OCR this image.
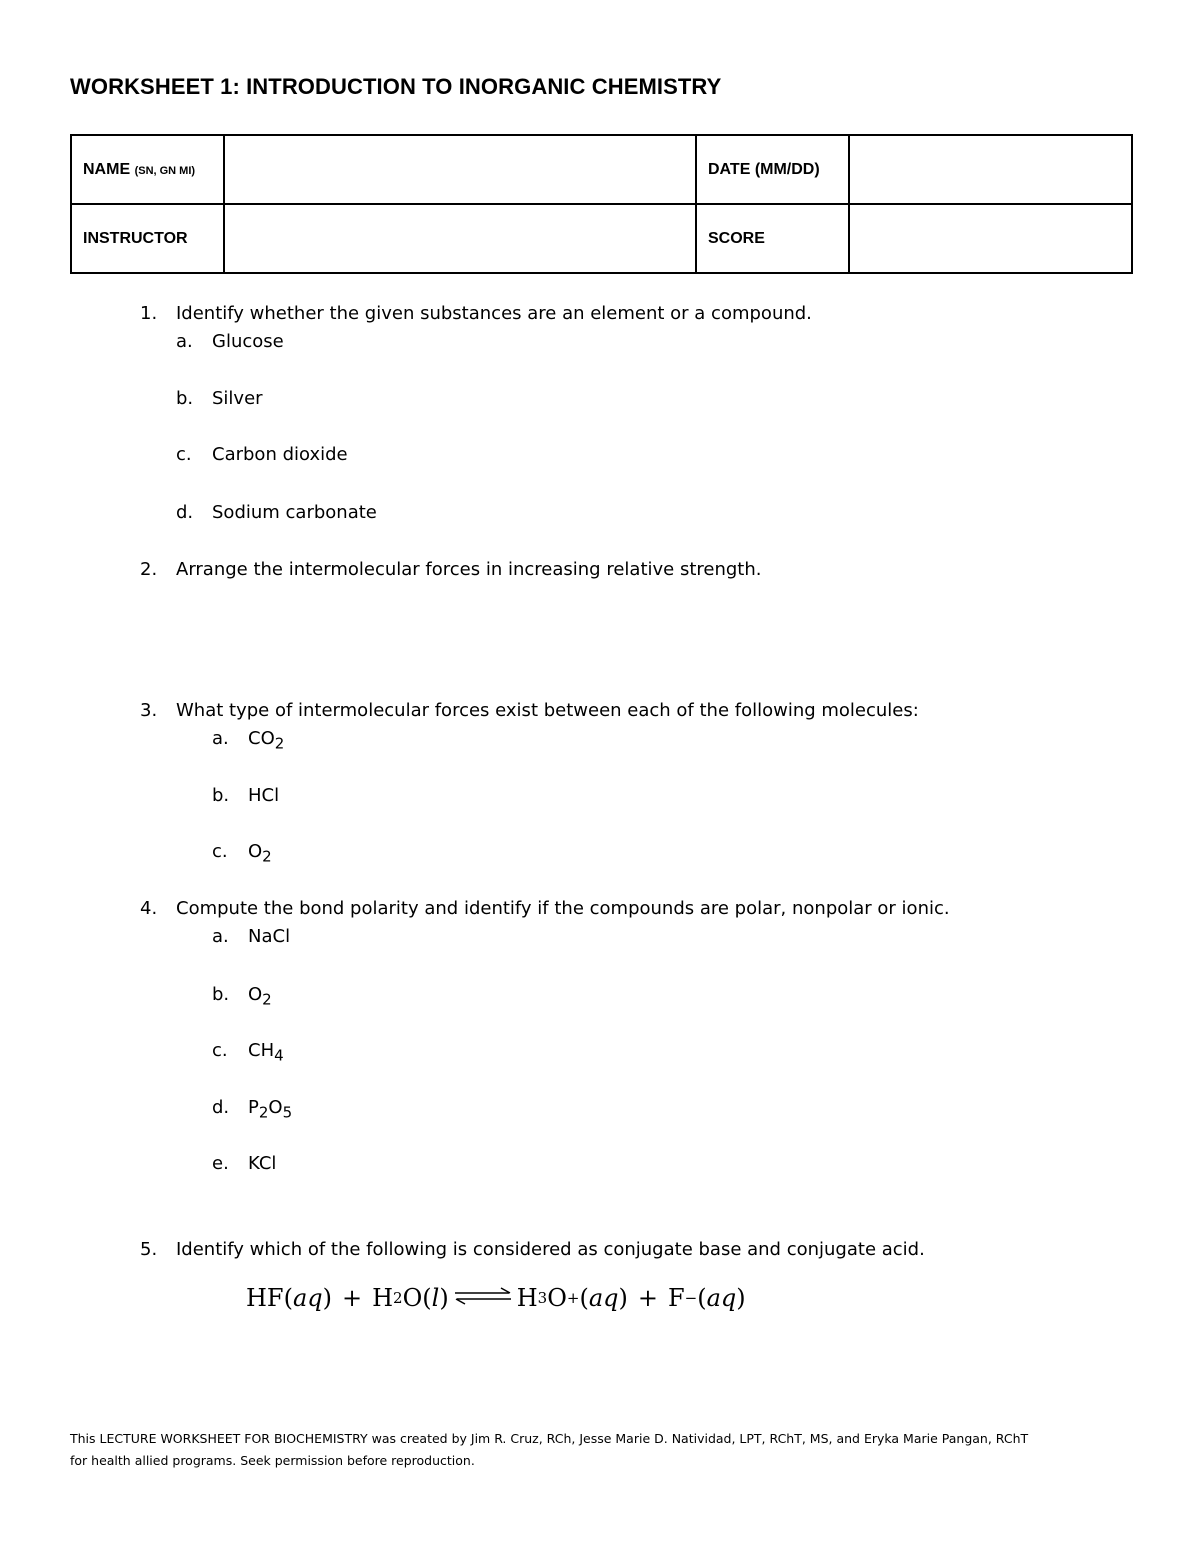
WORKSHEET 1: INTRODUCTION TO INORGANIC CHEMISTRY
NAME (SN, GN MI)		DATE (MM/DD)	
INSTRUCTOR		SCORE	
1. Identify whether the given substances are an element or a compound.
a. Glucose
b. Silver
c. Carbon dioxide
d. Sodium carbonate
2. Arrange the intermolecular forces in increasing relative strength.
3. What type of intermolecular forces exist between each of the following molecules:
a. $CO_2$
b. HCl
c. $O_2$
4. Compute the bond polarity and identify if the compounds are polar, nonpolar or ionic.
a. NaCl
b. $O_2$
c. $CH_4$
d. $P_2O_5$
e. KCl
5. Identify which of the following is considered as conjugate base and conjugate acid.
HF( aq ) + H 2 O( l ) ⇌ H 3 O + ( aq ) + F − ( aq )
This LECTURE WORKSHEET FOR BIOCHEMISTRY was created by Jim R. Cruz, RCh, Jesse Marie D. Natividad, LPT, RChT, MS, and Eryka Marie Pangan, RChT
for health allied programs. Seek permission before reproduction.
